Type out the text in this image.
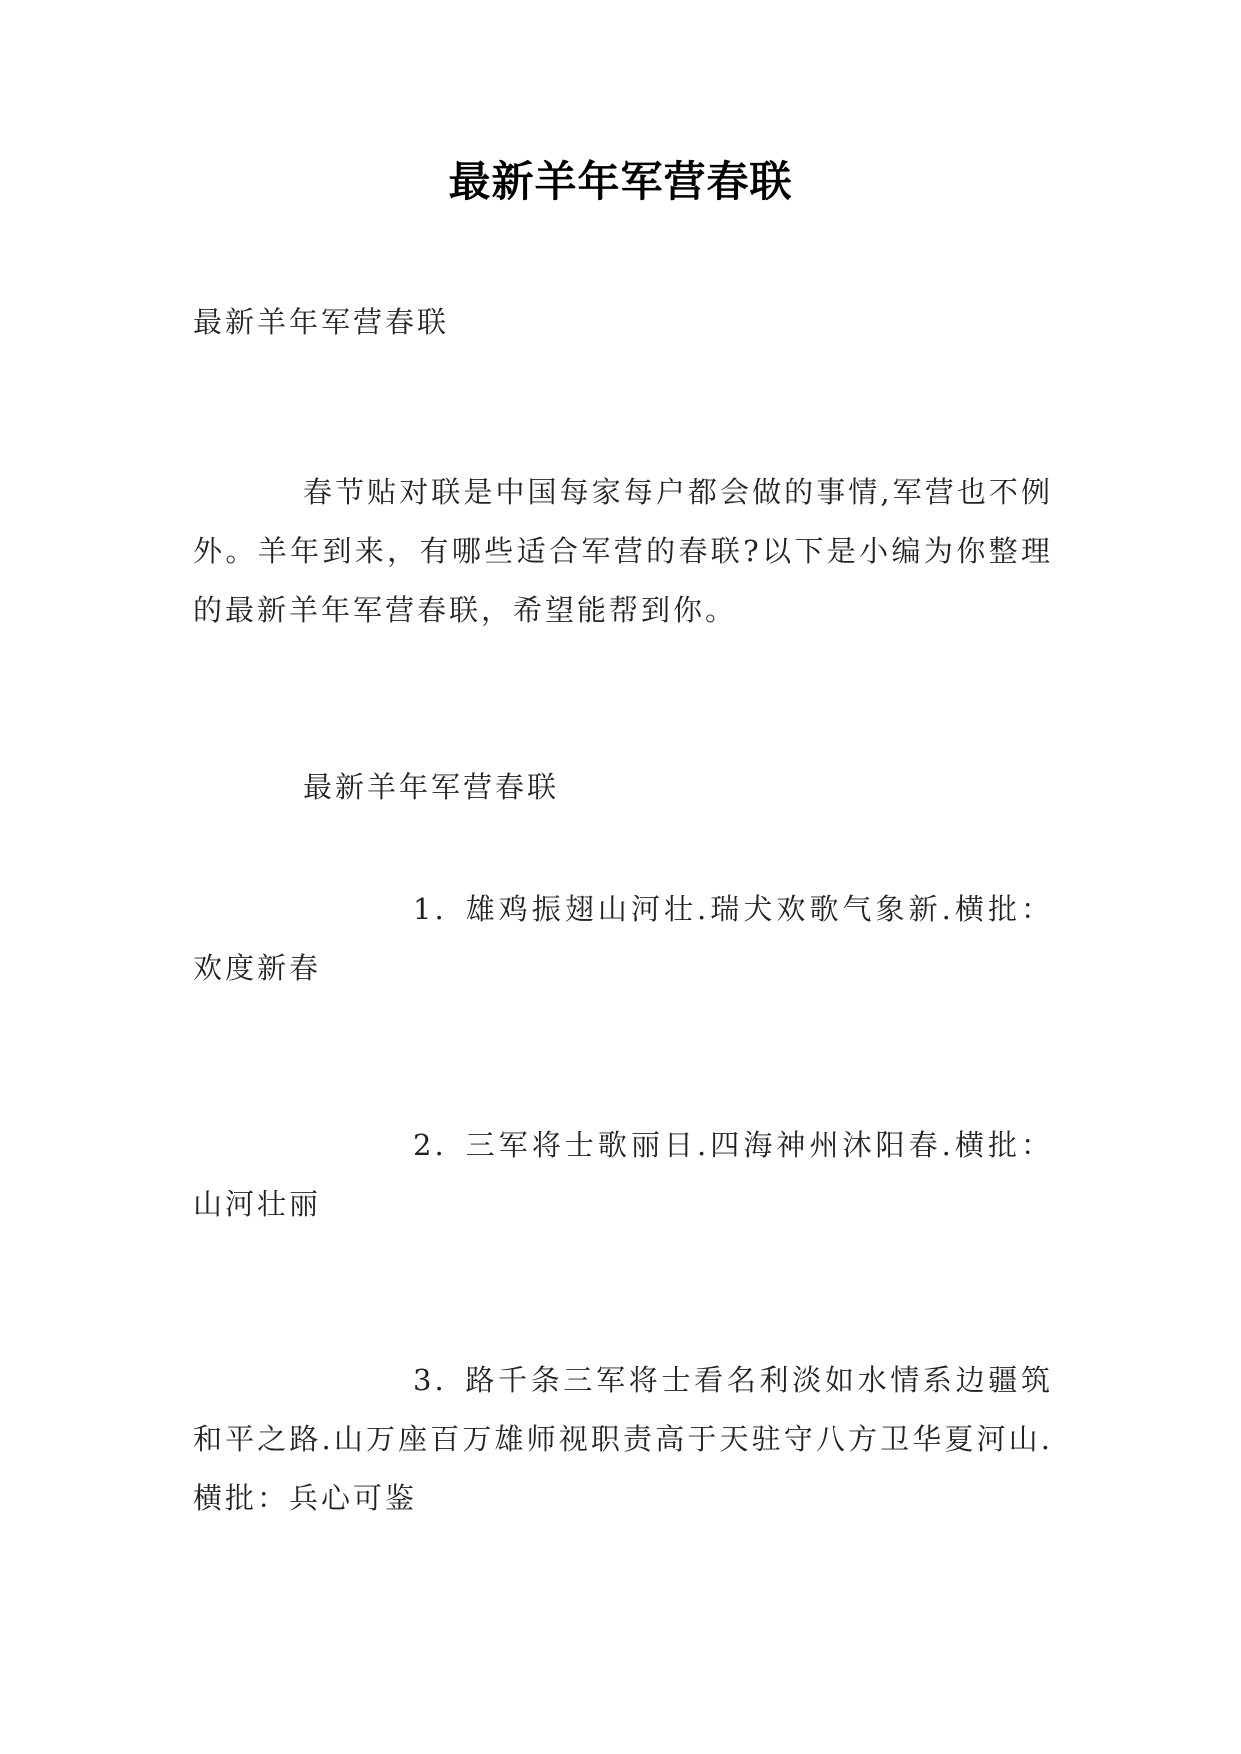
最新羊年军营春联
最新羊年军营春联
春节贴对联是中国每家每户都会做的事情,军营也不例外。羊年到来，有哪些适合军营的春联?以下是小编为你整理的最新羊年军营春联，希望能帮到你。
最新羊年军营春联
1. 雄鸡振翅山河壮.瑞犬欢歌气象新.横批：欢度新春
2. 三军将士歌丽日.四海神州沐阳春.横批：山河壮丽
3. 路千条三军将士看名利淡如水情系边疆筑和平之路.山万座百万雄师视职责高于天驻守八方卫华夏河山.横批：兵心可鉴
